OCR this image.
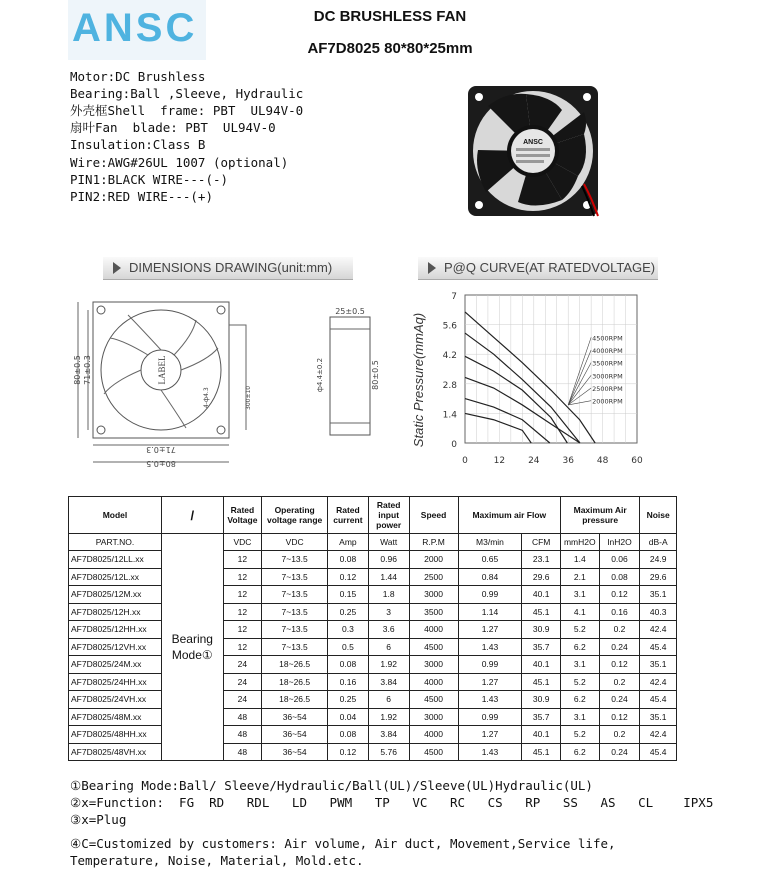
ANSC	DC BRUSHLESS FAN
AF7D8025 80*80*25mm
Motor:DC Brushless
Bearing:Ball ,Sleeve, Hydraulic
外壳框Shell  frame: PBT  UL94V-0
扇叶Fan  blade: PBT  UL94V-0
Insulation:Class B
Wire:AWG#26UL 1007 (optional)
PIN1:BLACK WIRE---(-)
PIN2:RED WIRE---(+)
ANSC
DIMENSIONS DRAWING(unit:mm)
LABEL
71±0.3
80±0.5
80±0.5 71±0.3
300±10
4-ф4.3
25±0.5
ф4.4±0.2	80±0.5
P@Q CURVE(AT RATEDVOLTAGE)
7
5.6
4.2
2.8
1.4
0
0	12	24	36	48	60
4500RPM
4000RPM
3500RPM
3000RPM
2500RPM
2000RPM
Static Pressure(mmAq)
Model	/	Rated Voltage	Operating voltage range	Rated current	Rated input power	Speed	Maximum air Flow		Maximum Air pressure		Noise
PART.NO.	Bearing Mode①	VDC	VDC	Amp	Watt	R.P.M	M3/min	CFM	mmH2O	InH2O	dB-A
AF7D8025/12LL.xx		12	7~13.5	0.08	0.96	2000	0.65	23.1	1.4	0.06	24.9
AF7D8025/12L.xx		12	7~13.5	0.12	1.44	2500	0.84	29.6	2.1	0.08	29.6
AF7D8025/12M.xx		12	7~13.5	0.15	1.8	3000	0.99	40.1	3.1	0.12	35.1
AF7D8025/12H.xx		12	7~13.5	0.25	3	3500	1.14	45.1	4.1	0.16	40.3
AF7D8025/12HH.xx		12	7~13.5	0.3	3.6	4000	1.27	30.9	5.2	0.2	42.4
AF7D8025/12VH.xx		12	7~13.5	0.5	6	4500	1.43	35.7	6.2	0.24	45.4
AF7D8025/24M.xx		24	18~26.5	0.08	1.92	3000	0.99	40.1	3.1	0.12	35.1
AF7D8025/24HH.xx		24	18~26.5	0.16	3.84	4000	1.27	45.1	5.2	0.2	42.4
AF7D8025/24VH.xx		24	18~26.5	0.25	6	4500	1.43	30.9	6.2	0.24	45.4
AF7D8025/48M.xx		48	36~54	0.04	1.92	3000	0.99	35.7	3.1	0.12	35.1
AF7D8025/48HH.xx		48	36~54	0.08	3.84	4000	1.27	40.1	5.2	0.2	42.4
AF7D8025/48VH.xx		48	36~54	0.12	5.76	4500	1.43	45.1	6.2	0.24	45.4
①Bearing Mode:Ball/ Sleeve/Hydraulic/Ball(UL)/Sleeve(UL)Hydraulic(UL)
②x=Function:  FG  RD   RDL   LD   PWM   TP   VC   RC   CS   RP   SS   AS   CL    IPX5
③x=Plug
④C=Customized by customers: Air volume, Air duct, Movement,Service life,
Temperature, Noise, Material, Mold.etc.
